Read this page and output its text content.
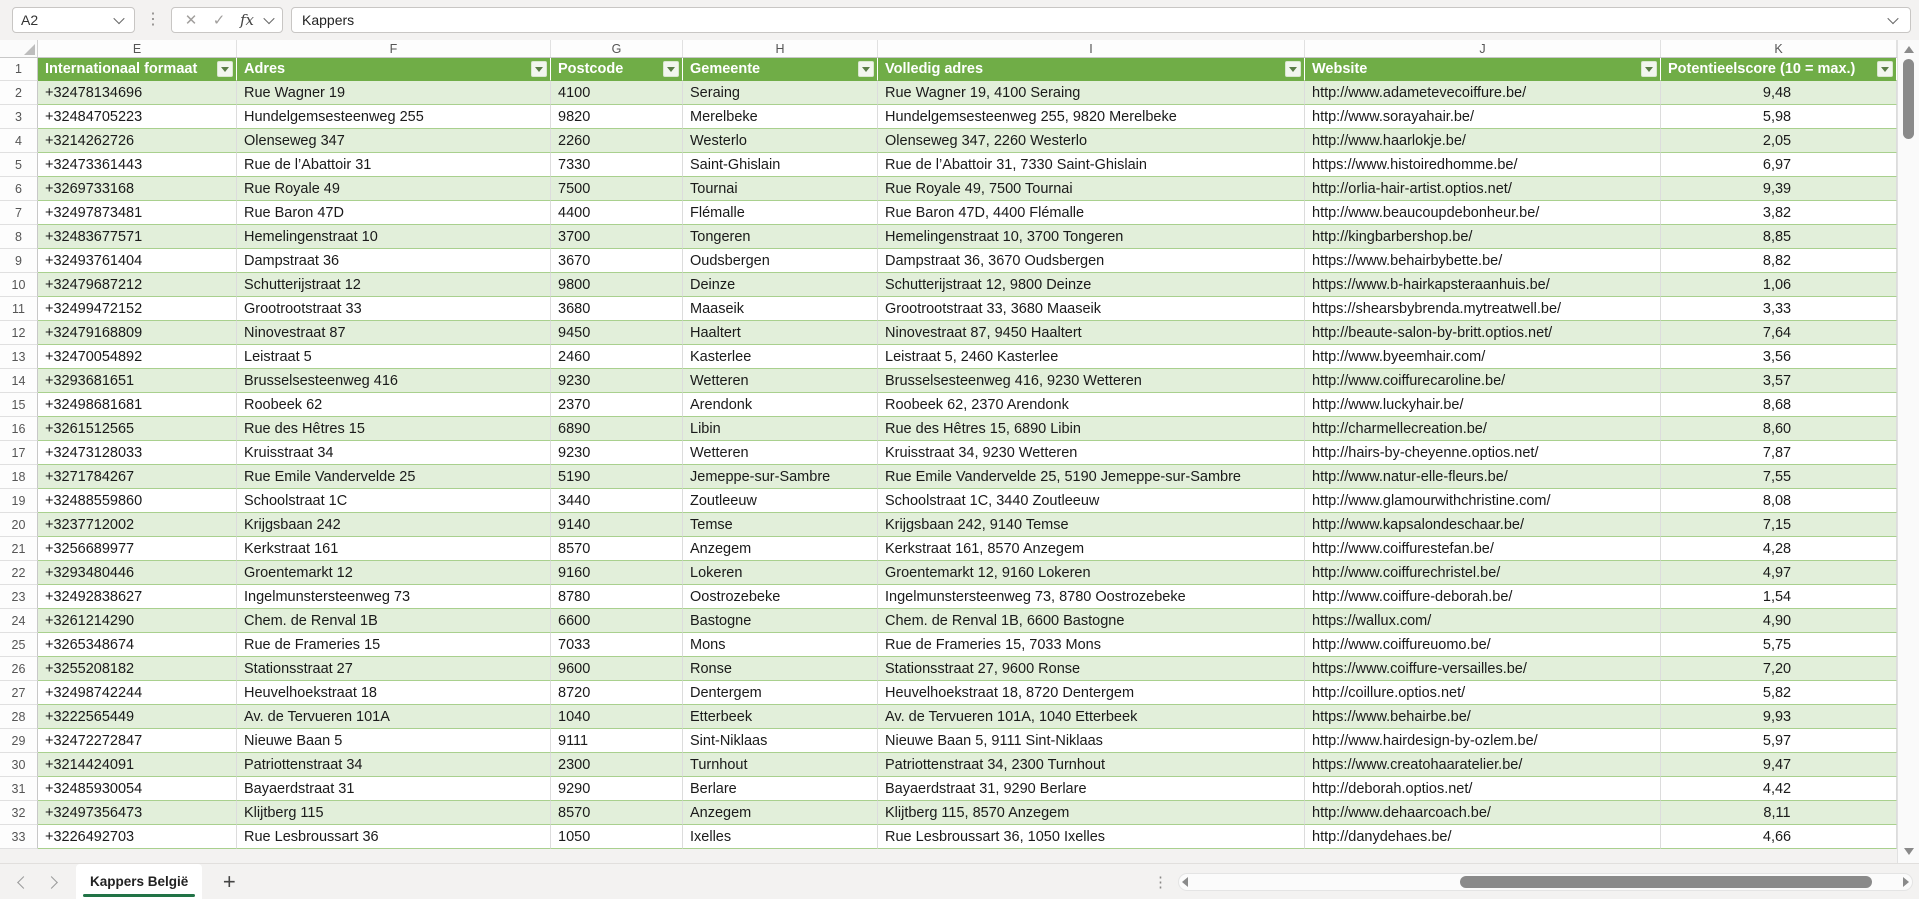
A2	⋮	✕	✓ fx	Kappers
E	F	G	H	I	J	K
1	Internationaal formaat	Adres	Postcode	Gemeente	Volledig adres	Website	Potentieelscore (10 = max.)
2	+32478134696	Rue Wagner 19	4100	Seraing	Rue Wagner 19, 4100 Seraing	http://www.adametevecoiffure.be/	9,48
3	+32484705223	Hundelgemsesteenweg 255	9820	Merelbeke	Hundelgemsesteenweg 255, 9820 Merelbeke	http://www.sorayahair.be/	5,98
4	+3214262726	Olenseweg 347	2260	Westerlo	Olenseweg 347, 2260 Westerlo	http://www.haarlokje.be/	2,05
5	+32473361443	Rue de l’Abattoir 31	7330	Saint-Ghislain	Rue de l’Abattoir 31, 7330 Saint-Ghislain	https://www.histoiredhomme.be/	6,97
6	+3269733168	Rue Royale 49	7500	Tournai	Rue Royale 49, 7500 Tournai	http://orlia-hair-artist.optios.net/	9,39
7	+32497873481	Rue Baron 47D	4400	Flémalle	Rue Baron 47D, 4400 Flémalle	http://www.beaucoupdebonheur.be/	3,82
8	+32483677571	Hemelingenstraat 10	3700	Tongeren	Hemelingenstraat 10, 3700 Tongeren	http://kingbarbershop.be/	8,85
9	+32493761404	Dampstraat 36	3670	Oudsbergen	Dampstraat 36, 3670 Oudsbergen	https://www.behairbybette.be/	8,82
10	+32479687212	Schutterijstraat 12	9800	Deinze	Schutterijstraat 12, 9800 Deinze	https://www.b-hairkapsteraanhuis.be/	1,06
11	+32499472152	Grootrootstraat 33	3680	Maaseik	Grootrootstraat 33, 3680 Maaseik	https://shearsbybrenda.mytreatwell.be/	3,33
12	+32479168809	Ninovestraat 87	9450	Haaltert	Ninovestraat 87, 9450 Haaltert	http://beaute-salon-by-britt.optios.net/	7,64
13	+32470054892	Leistraat 5	2460	Kasterlee	Leistraat 5, 2460 Kasterlee	http://www.byeemhair.com/	3,56
14	+3293681651	Brusselsesteenweg 416	9230	Wetteren	Brusselsesteenweg 416, 9230 Wetteren	http://www.coiffurecaroline.be/	3,57
15	+32498681681	Roobeek 62	2370	Arendonk	Roobeek 62, 2370 Arendonk	http://www.luckyhair.be/	8,68
16	+3261512565	Rue des Hêtres 15	6890	Libin	Rue des Hêtres 15, 6890 Libin	http://charmellecreation.be/	8,60
17	+32473128033	Kruisstraat 34	9230	Wetteren	Kruisstraat 34, 9230 Wetteren	http://hairs-by-cheyenne.optios.net/	7,87
18	+3271784267	Rue Emile Vandervelde 25	5190	Jemeppe-sur-Sambre	Rue Emile Vandervelde 25, 5190 Jemeppe-sur-Sambre	http://www.natur-elle-fleurs.be/	7,55
19	+32488559860	Schoolstraat 1C	3440	Zoutleeuw	Schoolstraat 1C, 3440 Zoutleeuw	http://www.glamourwithchristine.com/	8,08
20	+3237712002	Krijgsbaan 242	9140	Temse	Krijgsbaan 242, 9140 Temse	http://www.kapsalondeschaar.be/	7,15
21	+3256689977	Kerkstraat 161	8570	Anzegem	Kerkstraat 161, 8570 Anzegem	http://www.coiffurestefan.be/	4,28
22	+3293480446	Groentemarkt 12	9160	Lokeren	Groentemarkt 12, 9160 Lokeren	http://www.coiffurechristel.be/	4,97
23	+32492838627	Ingelmunstersteenweg 73	8780	Oostrozebeke	Ingelmunstersteenweg 73, 8780 Oostrozebeke	http://www.coiffure-deborah.be/	1,54
24	+3261214290	Chem. de Renval 1B	6600	Bastogne	Chem. de Renval 1B, 6600 Bastogne	https://wallux.com/	4,90
25	+3265348674	Rue de Frameries 15	7033	Mons	Rue de Frameries 15, 7033 Mons	http://www.coiffureuomo.be/	5,75
26	+3255208182	Stationsstraat 27	9600	Ronse	Stationsstraat 27, 9600 Ronse	https://www.coiffure-versailles.be/	7,20
27	+32498742244	Heuvelhoekstraat 18	8720	Dentergem	Heuvelhoekstraat 18, 8720 Dentergem	http://coillure.optios.net/	5,82
28	+3222565449	Av. de Tervueren 101A	1040	Etterbeek	Av. de Tervueren 101A, 1040 Etterbeek	https://www.behairbe.be/	9,93
29	+32472272847	Nieuwe Baan 5	9111	Sint-Niklaas	Nieuwe Baan 5, 9111 Sint-Niklaas	http://www.hairdesign-by-ozlem.be/	5,97
30	+3214424091	Patriottenstraat 34	2300	Turnhout	Patriottenstraat 34, 2300 Turnhout	https://www.creatohaaratelier.be/	9,47
31	+32485930054	Bayaerdstraat 31	9290	Berlare	Bayaerdstraat 31, 9290 Berlare	http://deborah.optios.net/	4,42
32	+32497356473	Klijtberg 115	8570	Anzegem	Klijtberg 115, 8570 Anzegem	http://www.dehaarcoach.be/	8,11
33	+3226492703	Rue Lesbroussart 36	1050	Ixelles	Rue Lesbroussart 36, 1050 Ixelles	http://danydehaes.be/	4,66
Kappers België	+	⋮
